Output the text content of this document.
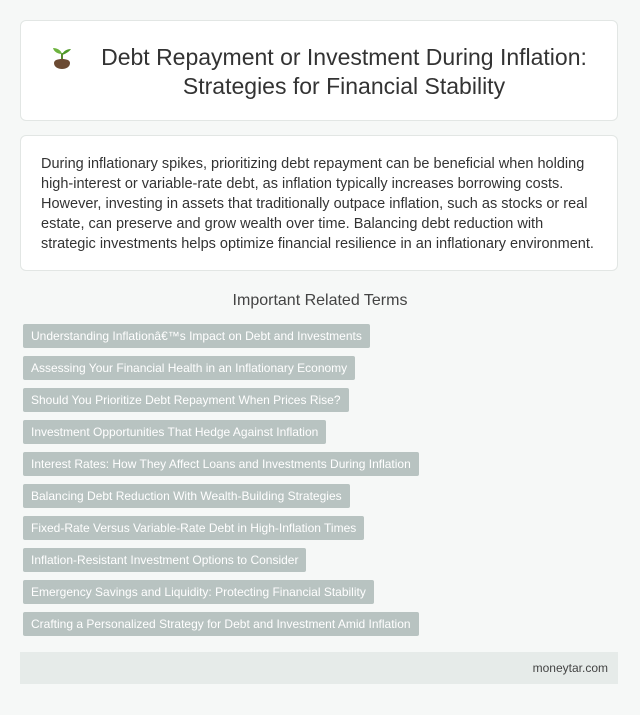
Debt Repayment or Investment During Inflation: Strategies for Financial Stability

During inflationary spikes, prioritizing debt repayment can be beneficial when holding high-interest or variable-rate debt, as inflation typically increases borrowing costs. However, investing in assets that traditionally outpace inflation, such as stocks or real estate, can preserve and grow wealth over time. Balancing debt reduction with strategic investments helps optimize financial resilience in an inflationary environment.

Important Related Terms
Understanding Inflationâ€™s Impact on Debt and Investments
Assessing Your Financial Health in an Inflationary Economy
Should You Prioritize Debt Repayment When Prices Rise?
Investment Opportunities That Hedge Against Inflation
Interest Rates: How They Affect Loans and Investments During Inflation
Balancing Debt Reduction With Wealth-Building Strategies
Fixed-Rate Versus Variable-Rate Debt in High-Inflation Times
Inflation-Resistant Investment Options to Consider
Emergency Savings and Liquidity: Protecting Financial Stability
Crafting a Personalized Strategy for Debt and Investment Amid Inflation
moneytar.com
